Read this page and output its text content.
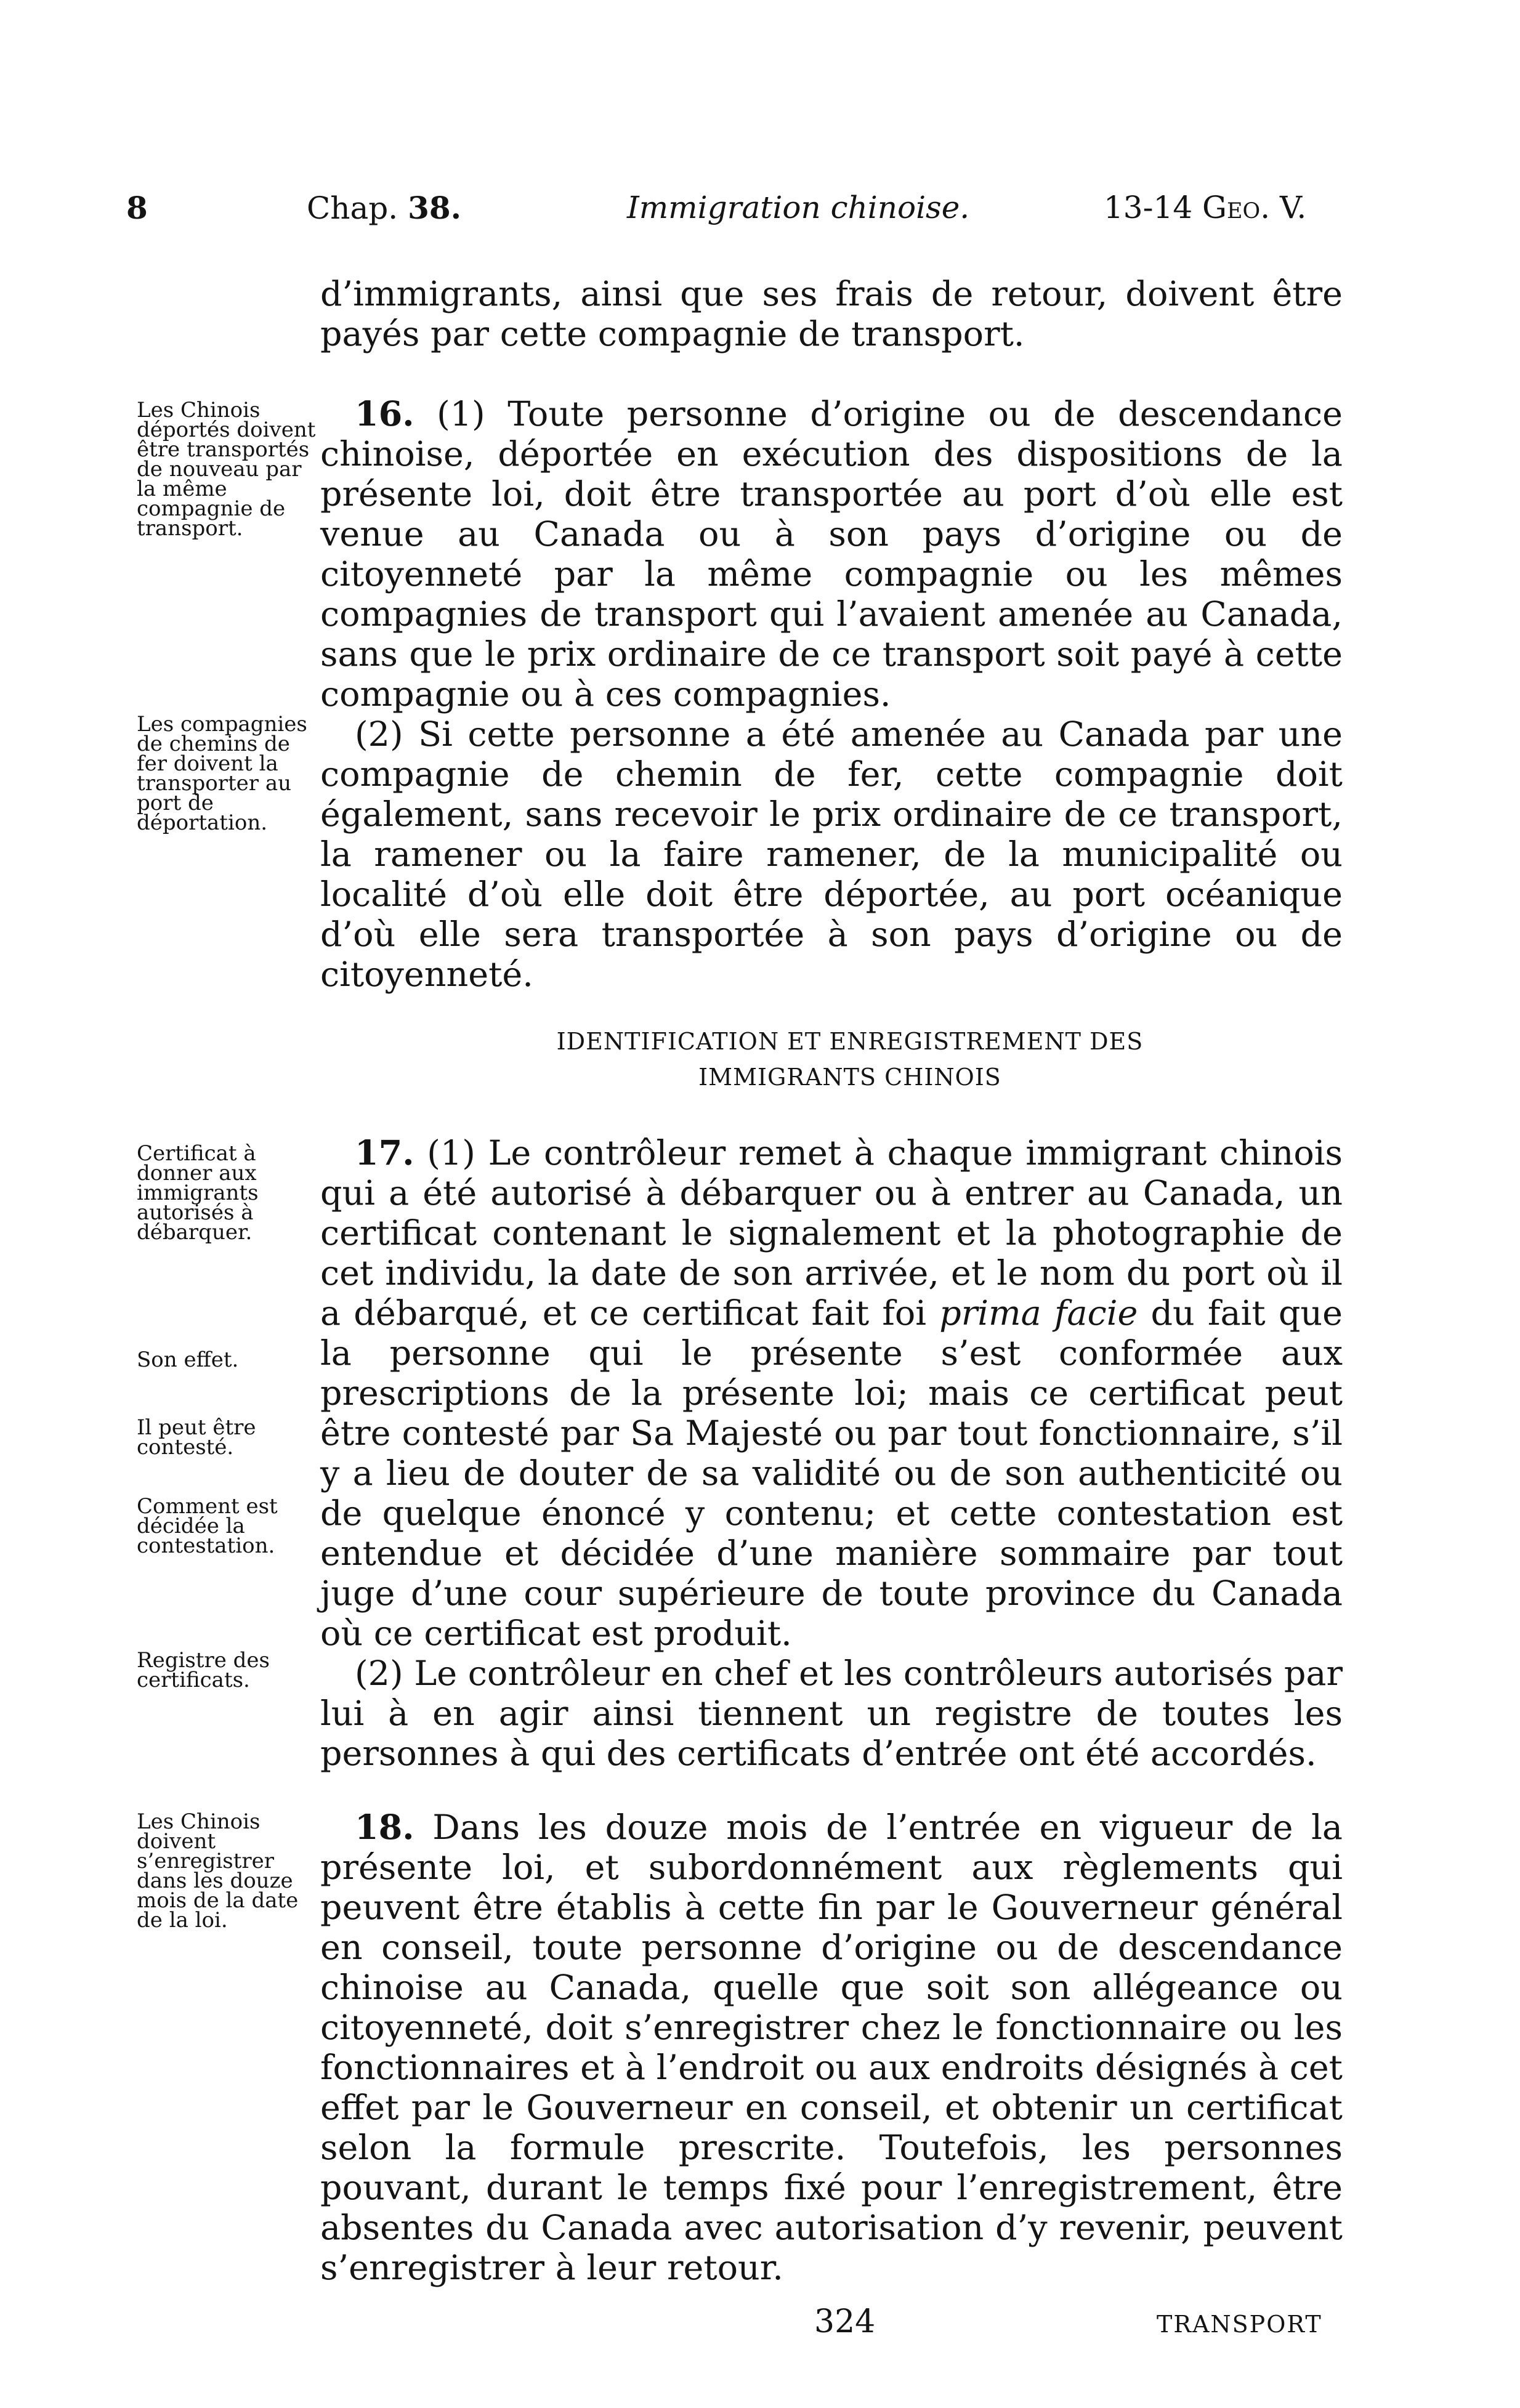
8	Chap. 38.	Immigration chinoise.	13-14 Geo. V.

d’immigrants, ainsi que ses frais de retour, doivent être payés par cette compagnie de transport.

16. (1) Toute personne d’origine ou de descendance chinoise, déportée en exécution des dispositions de la présente loi, doit être transportée au port d’où elle est venue au Canada ou à son pays d’origine ou de citoyenneté par la même compagnie ou les mêmes compagnies de transport qui l’avaient amenée au Canada, sans que le prix ordinaire de ce transport soit payé à cette compagnie ou à ces compagnies.

(2) Si cette personne a été amenée au Canada par une compagnie de chemin de fer, cette compagnie doit également, sans recevoir le prix ordinaire de ce transport, la ramener ou la faire ramener, de la municipalité ou localité d’où elle doit être déportée, au port océanique d’où elle sera transportée à son pays d’origine ou de citoyenneté.

IDENTIFICATION ET ENREGISTREMENT DES
IMMIGRANTS CHINOIS

17. (1) Le contrôleur remet à chaque immigrant chinois qui a été autorisé à débarquer ou à entrer au Canada, un certificat contenant le signalement et la photographie de cet individu, la date de son arrivée, et le nom du port où il a débarqué, et ce certificat fait foi prima facie du fait que la personne qui le présente s’est conformée aux prescriptions de la présente loi; mais ce certificat peut être contesté par Sa Majesté ou par tout fonctionnaire, s’il y a lieu de douter de sa validité ou de son authenticité ou de quelque énoncé y contenu; et cette contestation est entendue et décidée d’une manière sommaire par tout juge d’une cour supérieure de toute province du Canada où ce certificat est produit.

(2) Le contrôleur en chef et les contrôleurs autorisés par lui à en agir ainsi tiennent un registre de toutes les personnes à qui des certificats d’entrée ont été accordés.

18. Dans les douze mois de l’entrée en vigueur de la présente loi, et subordonnément aux règlements qui peuvent être établis à cette fin par le Gouverneur général en conseil, toute personne d’origine ou de descendance chinoise au Canada, quelle que soit son allégeance ou citoyenneté, doit s’enregistrer chez le fonctionnaire ou les fonctionnaires et à l’endroit ou aux endroits désignés à cet effet par le Gouverneur en conseil, et obtenir un certificat selon la formule prescrite. Toutefois, les personnes pouvant, durant le temps fixé pour l’enregistrement, être absentes du Canada avec autorisation d’y revenir, peuvent s’enregistrer à leur retour.

Les Chinois déportés doivent être transportés de nouveau par la même compagnie de transport.

Les compagnies de chemins de fer doivent la transporter au port de déportation.

Certificat à donner aux immigrants autorisés à débarquer.

Son effet.

Il peut être contesté.

Comment est décidée la contestation.

Registre des certificats.

Les Chinois doivent s’enregistrer dans les douze mois de la date de la loi.

324	TRANSPORT
